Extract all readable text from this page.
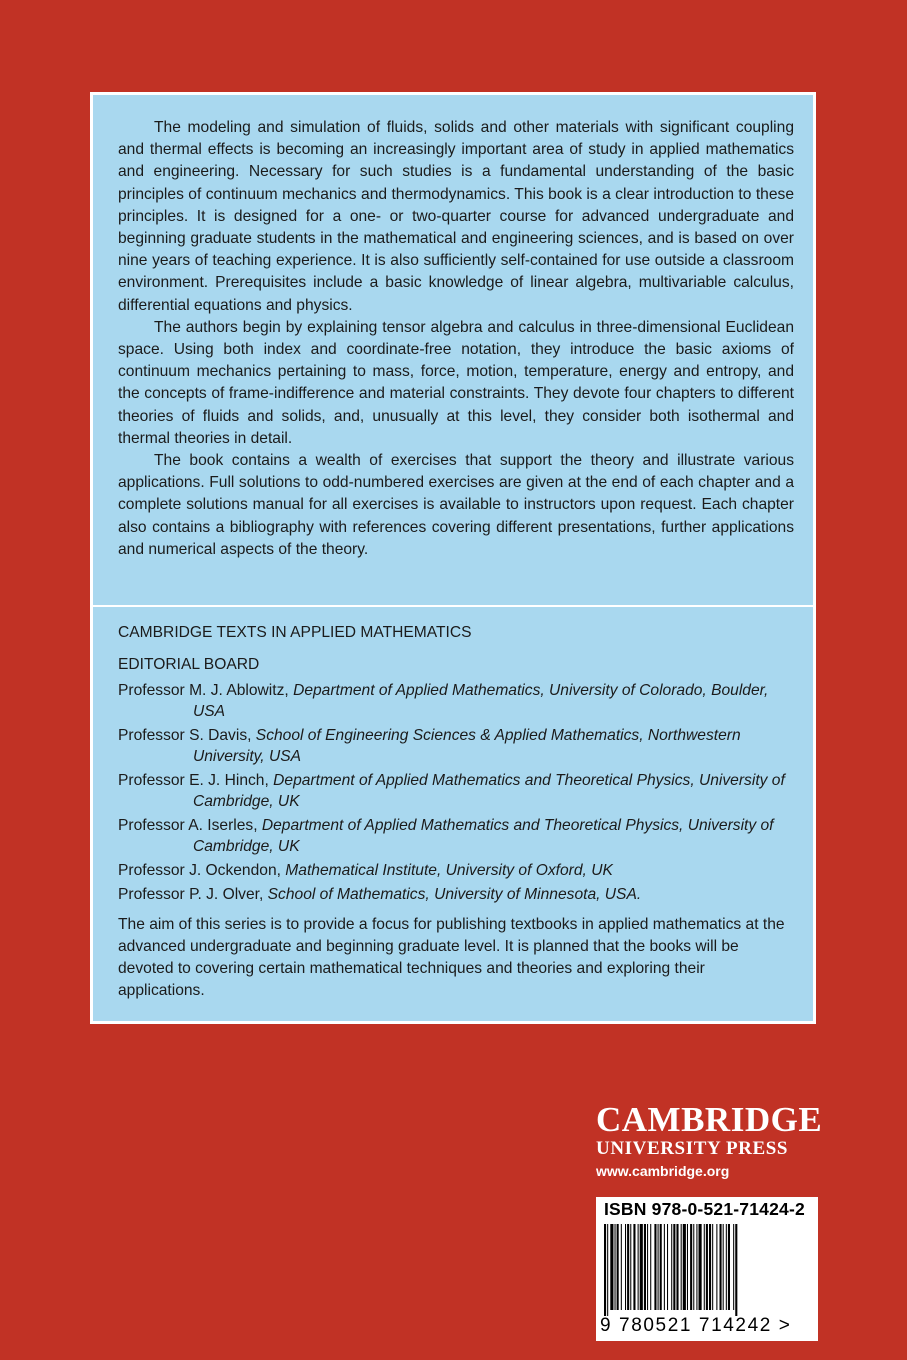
The modeling and simulation of fluids, solids and other materials with significant coupling and thermal effects is becoming an increasingly important area of study in applied mathematics and engineering. Necessary for such studies is a fundamental understanding of the basic principles of continuum mechanics and thermodynamics. This book is a clear introduction to these principles. It is designed for a one- or two-quarter course for advanced undergraduate and beginning graduate students in the mathematical and engineering sciences, and is based on over nine years of teaching experience. It is also sufficiently self-contained for use outside a classroom environment. Prerequisites include a basic knowledge of linear algebra, multivariable calculus, differential equations and physics.

The authors begin by explaining tensor algebra and calculus in three-dimensional Euclidean space. Using both index and coordinate-free notation, they introduce the basic axioms of continuum mechanics pertaining to mass, force, motion, temperature, energy and entropy, and the concepts of frame-indifference and material constraints. They devote four chapters to different theories of fluids and solids, and, unusually at this level, they consider both isothermal and thermal theories in detail.

The book contains a wealth of exercises that support the theory and illustrate various applications. Full solutions to odd-numbered exercises are given at the end of each chapter and a complete solutions manual for all exercises is available to instructors upon request. Each chapter also contains a bibliography with references covering different presentations, further applications and numerical aspects of the theory.

CAMBRIDGE TEXTS IN APPLIED MATHEMATICS
EDITORIAL BOARD
Professor M. J. Ablowitz, Department of Applied Mathematics, University of Colorado, Boulder, USA
Professor S. Davis, School of Engineering Sciences & Applied Mathematics, Northwestern University, USA
Professor E. J. Hinch, Department of Applied Mathematics and Theoretical Physics, University of Cambridge, UK
Professor A. Iserles, Department of Applied Mathematics and Theoretical Physics, University of Cambridge, UK
Professor J. Ockendon, Mathematical Institute, University of Oxford, UK
Professor P. J. Olver, School of Mathematics, University of Minnesota, USA.
The aim of this series is to provide a focus for publishing textbooks in applied mathematics at the advanced undergraduate and beginning graduate level. It is planned that the books will be devoted to covering certain mathematical techniques and theories and exploring their applications.
CAMBRIDGE
UNIVERSITY PRESS
www.cambridge.org
ISBN 978-0-521-71424-2
9 780521 714242 >
